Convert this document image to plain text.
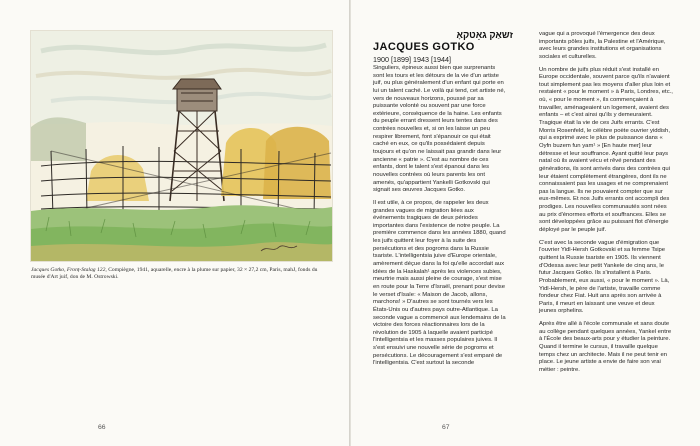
Jacques Gotko, Fronț-Stalag 122, Compiègne, 1941, aquarelle, encre à la plume sur papier, 32 × 27,2 cm, Paris, mahJ, fonds du musée d'Art juif, don de M. Ostrowski.

66

זשאַק גאָטקאָ

JACQUES GOTKO

1900 [1899] 1943 [1944]

Singuliers, épineux aussi bien que surprenants sont les tours et les détours de la vie d'un artiste juif, ou plus généralement d'un enfant qui porte en lui un talent caché. Le voilà qui tend, cet artiste né, vers de nouveaux horizons, poussé par sa puissante volonté ou souvent par une force extérieure, conséquence de la haine. Les enfants du peuple errant dressent leurs tentes dans des contrées nouvelles et, si on les laisse un peu respirer librement, font s'épanouir ce qui était caché en eux, ce qu'ils possédaient depuis toujours et qu'on ne laissait pas grandir dans leur ancienne « patrie ». C'est au nombre de ces enfants, dont le talent s'est épanoui dans les nouvelles contrées où leurs parents les ont amenés, qu'appartient Yankelli Gotkovski qui signait ses œuvres Jacques Gotko.

Il est utile, à ce propos, de rappeler les deux grandes vagues de migration liées aux événements tragiques de deux périodes importantes dans l'existence de notre peuple. La première commence dans les années 1880, quand les juifs quittent leur foyer à la suite des persécutions et des pogroms dans la Russie tsariste. L'intelligentsia juive d'Europe orientale, amèrement déçue dans la foi qu'elle accordait aux idées de la Haskalah¹ après les violences subies, meurtrie mais aussi pleine de courage, s'est mise en route pour la Terre d'Israël, prenant pour devise le verset d'Isaïe: « Maison de Jacob, allons, marchons! » D'autres se sont tournés vers les États-Unis ou d'autres pays outre-Atlantique. La seconde vague a commencé aux lendemains de la victoire des forces réactionnaires lors de la révolution de 1905 à laquelle avaient participé l'intelligentsia et les masses populaires juives. Il s'est ensuivi une nouvelle série de pogroms et persécutions. Le découragement s'est emparé de l'intelligentsia. C'est surtout la seconde

vague qui a provoqué l'émergence des deux importants pôles juifs, la Palestine et l'Amérique, avec leurs grandes institutions et organisations sociales et culturelles.

Un nombre de juifs plus réduit s'est installé en Europe occidentale, souvent parce qu'ils n'avaient tout simplement pas les moyens d'aller plus loin et restaient « pour le moment » à Paris, Londres, etc., où, « pour le moment », ils commençaient à travailler, aménageaient un logement, avaient des enfants – et c'est ainsi qu'ils y demeuraient. Tragique était la vie de ces Juifs errants. C'est Morris Rosenfeld, le célèbre poète ouvrier yiddish, qui a exprimé avec le plus de puissance dans « Oyfn buzem fun yam¹ » [En haute mer] leur détresse et leur souffrance. Ayant quitté leur pays natal où ils avaient vécu et rêvé pendant des générations, ils sont arrivés dans des contrées qui leur étaient complètement étrangères, dont ils ne connaissaient pas les usages et ne comprenaient pas la langue. Ils ne pouvaient compter que sur eux-mêmes. Et nos Juifs errants ont accompli des prodiges. Les nouvelles communautés sont nées au prix d'énormes efforts et souffrances. Elles se sont développées grâce au puissant flot d'énergie déployé par le peuple juif.

C'est avec la seconde vague d'émigration que l'ouvrier Yidl-Hersh Gotkovski et sa femme Tsipe quittent la Russie tsariste en 1905. Ils viennent d'Odessa avec leur petit Yankele de cinq ans, le futur Jacques Gotko. Ils s'installent à Paris. Probablement, eux aussi, « pour le moment ». Là, Yidl-Hersh, le père de l'artiste, travaille comme fondeur chez Fiat. Huit ans après son arrivée à Paris, il meurt en laissant une veuve et deux jeunes orphelins.

Après être allé à l'école communale et sans doute au collège pendant quelques années, Yankel entre à l'École des beaux-arts pour y étudier la peinture. Quand il termine le cursus, il travaille quelque temps chez un architecte. Mais il ne peut tenir en place. Le jeune artiste a envie de faire son vrai métier : peintre.

67
